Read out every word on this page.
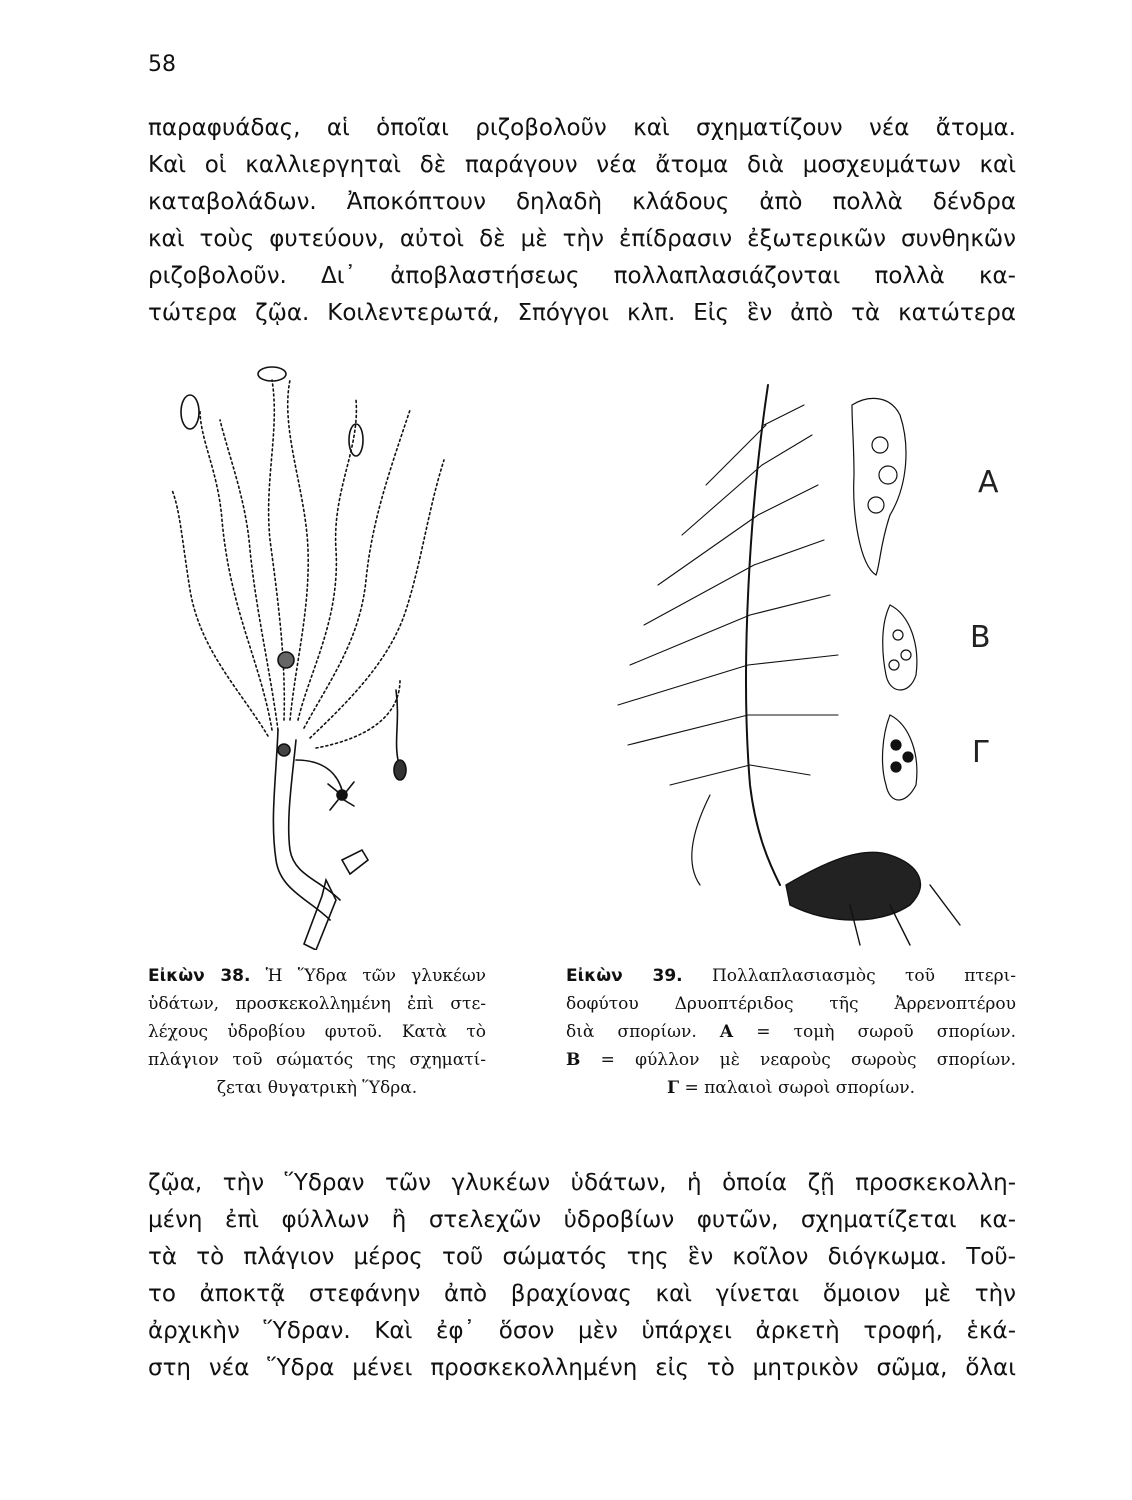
58
παραφυάδας, αἱ ὁποῖαι ριζοβολοῦν καὶ σχηματίζουν νέα ἄτομα.
Καὶ οἱ καλλιεργηταὶ δὲ παράγουν νέα ἄτομα διὰ μοσχευμάτων καὶ
καταβολάδων. Ἀποκόπτουν δηλαδὴ κλάδους ἀπὸ πολλὰ δένδρα
καὶ τοὺς φυτεύουν, αὐτοὶ δὲ μὲ τὴν ἐπίδρασιν ἐξωτερικῶν συνθηκῶν
ριζοβολοῦν. Δι᾽ ἀποβλαστήσεως πολλαπλασιάζονται πολλὰ κα-
τώτερα ζῷα. Κοιλεντερωτά, Σπόγγοι κλπ. Εἰς ἓν ἀπὸ τὰ κατώτερα
Α
Β
Γ
Εἰκὼν 38. Ἡ Ὕδρα τῶν γλυκέων
ὑδάτων, προσκεκολλημένη ἐπὶ στε-
λέχους ὑδροβίου φυτοῦ. Κατὰ τὸ
πλάγιον τοῦ σώματός της σχηματί-
ζεται θυγατρικὴ Ὕδρα.
Εἰκὼν 39. Πολλαπλασιασμὸς τοῦ πτερι-
δοφύτου Δρυοπτέριδος τῆς Ἀρρενοπτέρου
διὰ σπορίων. Α = τομὴ σωροῦ σπορίων.
Β = φύλλον μὲ νεαροὺς σωροὺς σπορίων.
Γ = παλαιοὶ σωροὶ σπορίων.
ζῷα, τὴν Ὕδραν τῶν γλυκέων ὑδάτων, ἡ ὁποία ζῇ προσκεκολλη-
μένη ἐπὶ φύλλων ἢ στελεχῶν ὑδροβίων φυτῶν, σχηματίζεται κα-
τὰ τὸ πλάγιον μέρος τοῦ σώματός της ἓν κοῖλον διόγκωμα. Τοῦ-
το ἀποκτᾷ στεφάνην ἀπὸ βραχίονας καὶ γίνεται ὅμοιον μὲ τὴν
ἀρχικὴν Ὕδραν. Καὶ ἐφ᾽ ὅσον μὲν ὑπάρχει ἀρκετὴ τροφή, ἑκά-
στη νέα Ὕδρα μένει προσκεκολλημένη εἰς τὸ μητρικὸν σῶμα, ὅλαι
